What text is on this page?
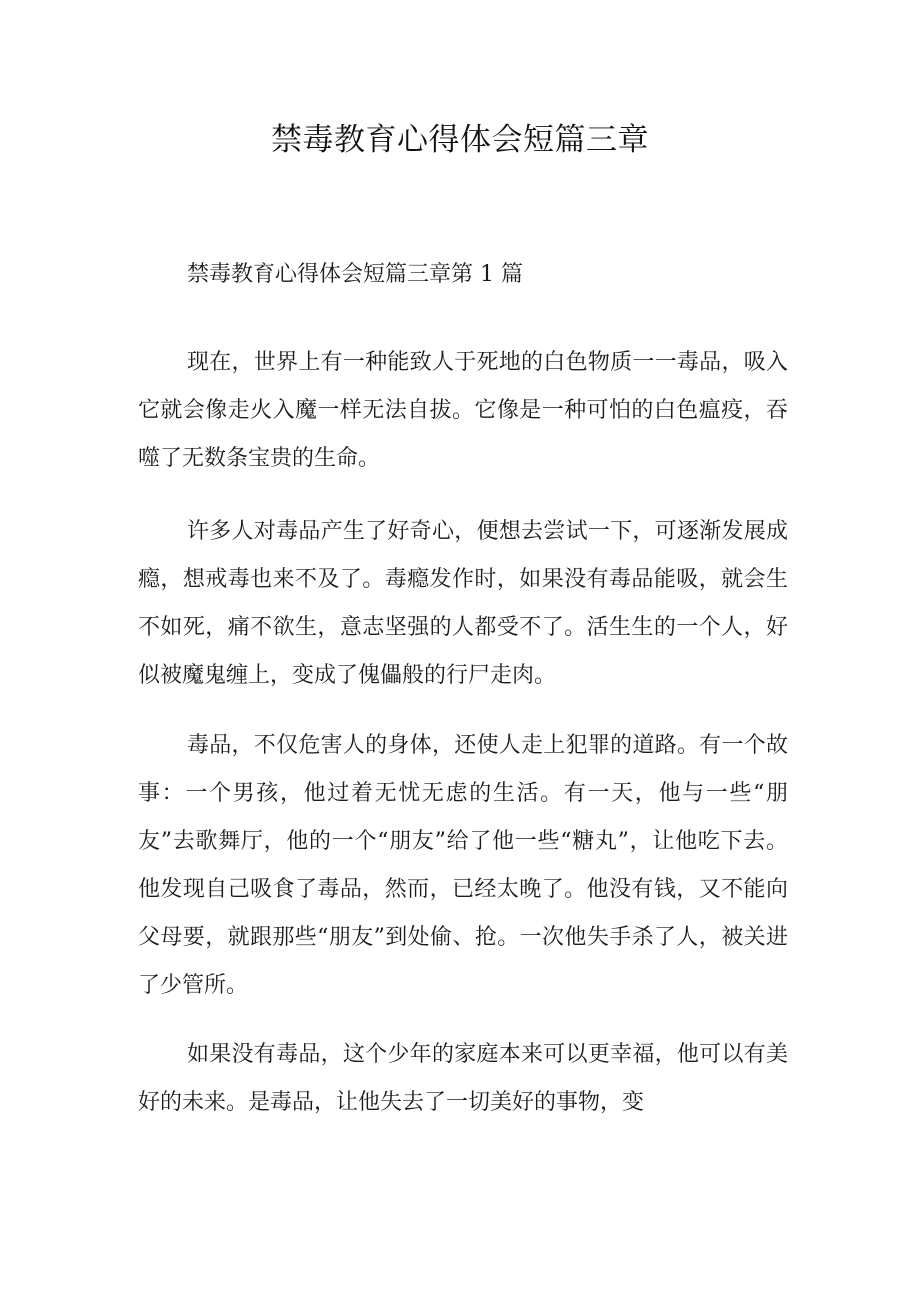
禁毒教育心得体会短篇三章

禁毒教育心得体会短篇三章第 1 篇

现在，世界上有一种能致人于死地的白色物质一一毒品，吸入它就会像走火入魔一样无法自拔。它像是一种可怕的白色瘟疫，吞噬了无数条宝贵的生命。

许多人对毒品产生了好奇心，便想去尝试一下，可逐渐发展成瘾，想戒毒也来不及了。毒瘾发作时，如果没有毒品能吸，就会生不如死，痛不欲生，意志坚强的人都受不了。活生生的一个人，好似被魔鬼缠上，变成了傀儡般的行尸走肉。

毒品，不仅危害人的身体，还使人走上犯罪的道路。有一个故事：一个男孩，他过着无忧无虑的生活。有一天，他与一些“朋友”去歌舞厅，他的一个“朋友”给了他一些“糖丸”，让他吃下去。他发现自己吸食了毒品，然而，已经太晚了。他没有钱，又不能向父母要，就跟那些“朋友”到处偷、抢。一次他失手杀了人，被关进了少管所。

如果没有毒品，这个少年的家庭本来可以更幸福，他可以有美好的未来。是毒品，让他失去了一切美好的事物，变
